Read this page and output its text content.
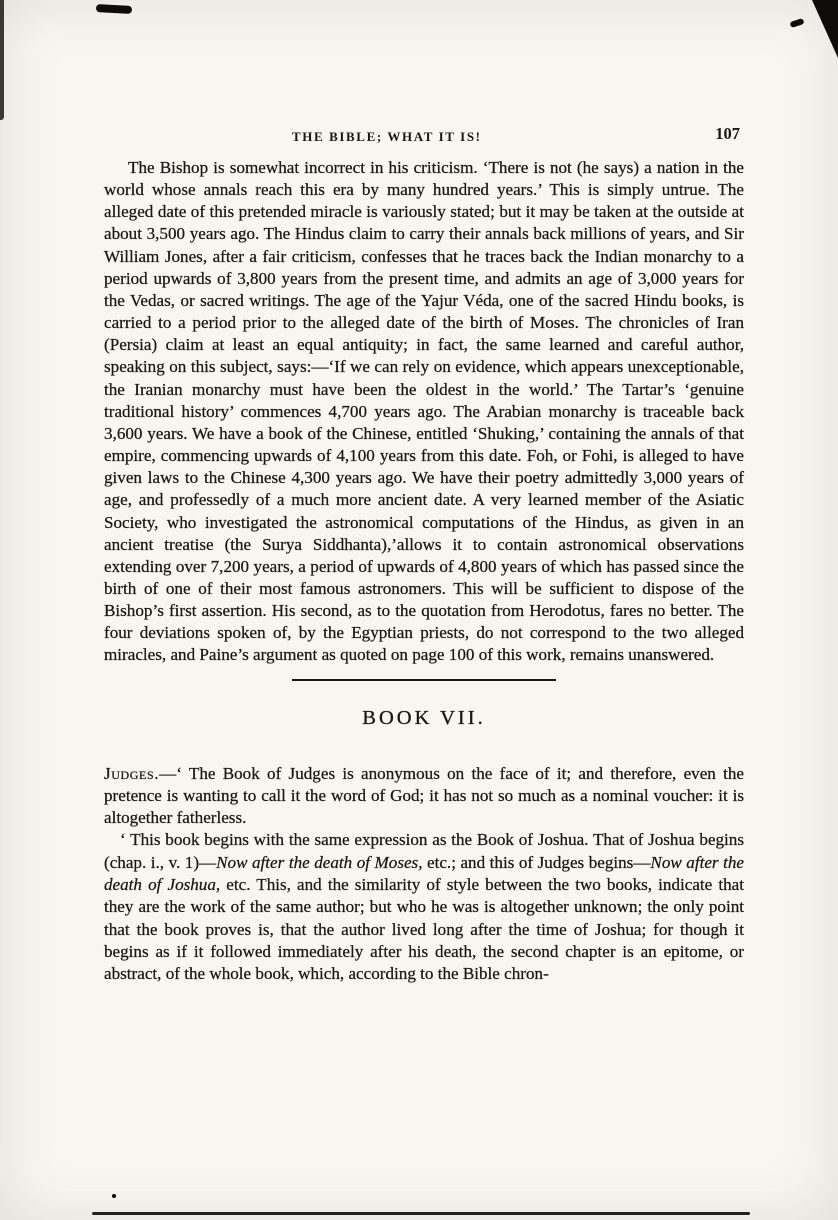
THE BIBLE; WHAT IT IS!	107

The Bishop is somewhat incorrect in his criticism. ‘There is not (he says) a nation in the world whose annals reach this era by many hundred years.’ This is simply untrue. The alleged date of this pretended miracle is variously stated; but it may be taken at the outside at about 3,500 years ago. The Hindus claim to carry their annals back millions of years, and Sir William Jones, after a fair criticism, confesses that he traces back the Indian monarchy to a period upwards of 3,800 years from the present time, and admits an age of 3,000 years for the Vedas, or sacred writings. The age of the Yajur Véda, one of the sacred Hindu books, is carried to a period prior to the alleged date of the birth of Moses. The chronicles of Iran (Persia) claim at least an equal antiquity; in fact, the same learned and careful author, speaking on this subject, says:—‘If we can rely on evidence, which appears unexceptionable, the Iranian monarchy must have been the oldest in the world.’ The Tartar’s ‘genuine traditional history’ commences 4,700 years ago. The Arabian monarchy is traceable back 3,600 years. We have a book of the Chinese, entitled ‘Shuking,’ containing the annals of that empire, commencing upwards of 4,100 years from this date. Foh, or Fohi, is alleged to have given laws to the Chinese 4,300 years ago. We have their poetry admittedly 3,000 years of age, and professedly of a much more ancient date. A very learned member of the Asiatic Society, who investigated the astronomical computations of the Hindus, as given in an ancient treatise (the Surya Siddhanta),’allows it to contain astronomical observations extending over 7,200 years, a period of upwards of 4,800 years of which has passed since the birth of one of their most famous astronomers. This will be sufficient to dispose of the Bishop’s first assertion. His second, as to the quotation from Herodotus, fares no better. The four deviations spoken of, by the Egyptian priests, do not correspond to the two alleged miracles, and Paine’s argument as quoted on page 100 of this work, remains unanswered.

BOOK VII.

Judges.—‘ The Book of Judges is anonymous on the face of it; and therefore, even the pretence is wanting to call it the word of God; it has not so much as a nominal voucher: it is altogether fatherless.

‘ This book begins with the same expression as the Book of Joshua. That of Joshua begins (chap. i., v. 1)—Now after the death of Moses, etc.; and this of Judges begins—Now after the death of Joshua, etc. This, and the similarity of style between the two books, indicate that they are the work of the same author; but who he was is altogether unknown; the only point that the book proves is, that the author lived long after the time of Joshua; for though it begins as if it followed immediately after his death, the second chapter is an epitome, or abstract, of the whole book, which, according to the Bible chron-
